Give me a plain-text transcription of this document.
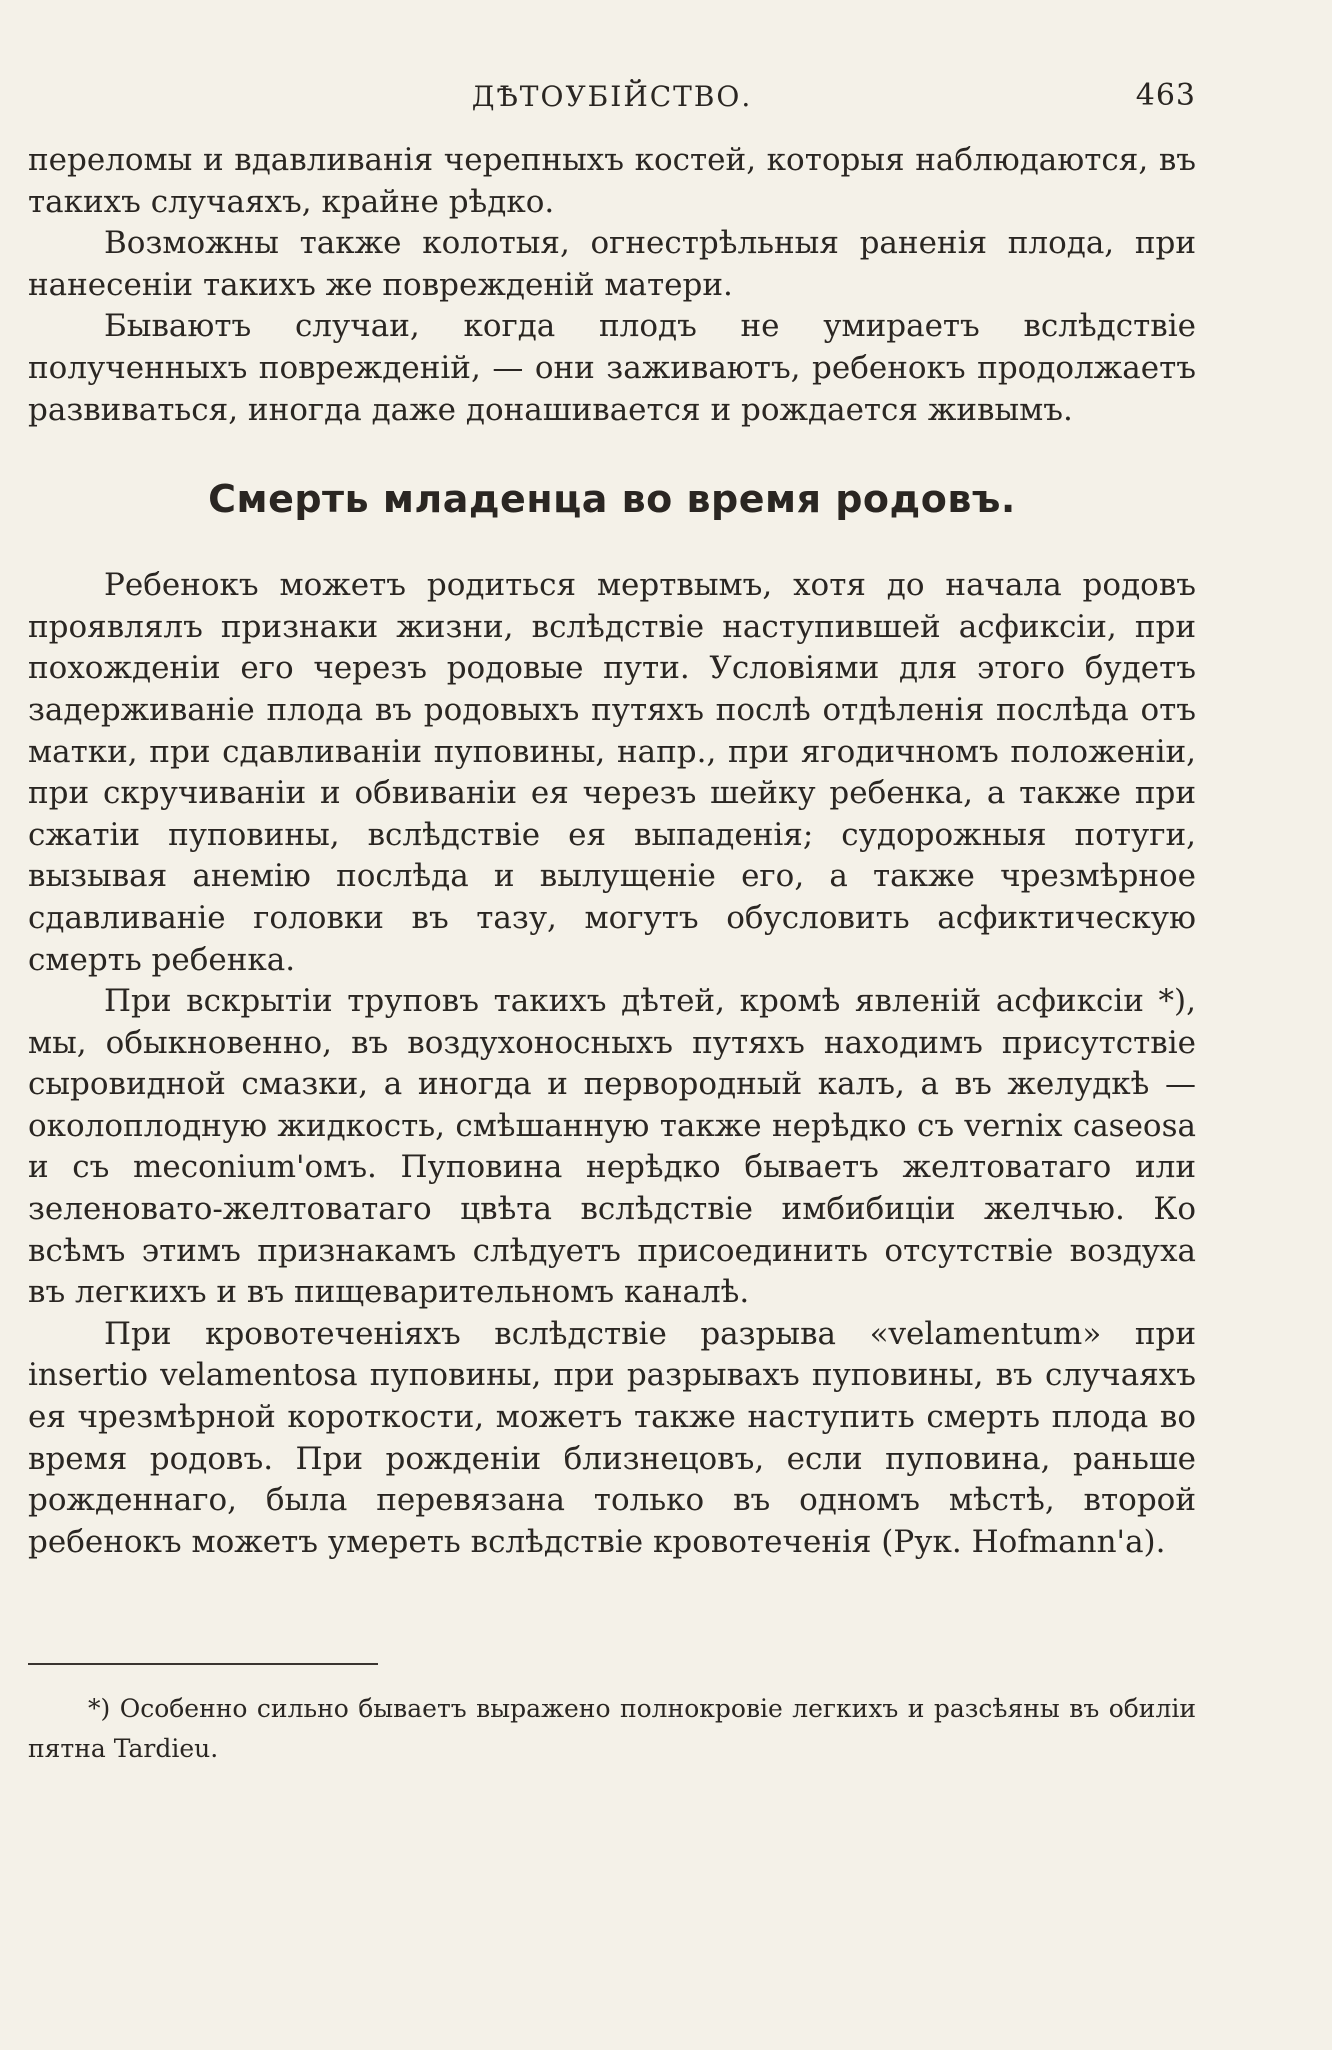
ДѢТОУБІЙСТВО.	463

переломы и вдавливанія черепныхъ костей, которыя наблюдаются, въ такихъ случаяхъ, крайне рѣдко.

Возможны также колотыя, огнестрѣльныя раненія плода, при нанесеніи такихъ же поврежденій матери.

Бываютъ случаи, когда плодъ не умираетъ вслѣдствіе полученныхъ поврежденій, — они заживаютъ, ребенокъ продолжаетъ развиваться, иногда даже донашивается и рождается живымъ.

Смерть младенца во время родовъ.

Ребенокъ можетъ родиться мертвымъ, хотя до начала родовъ проявлялъ признаки жизни, вслѣдствіе наступившей асфиксіи, при похожденіи его черезъ родовые пути. Условіями для этого будетъ задерживаніе плода въ родовыхъ путяхъ послѣ отдѣленія послѣда отъ матки, при сдавливаніи пуповины, напр., при ягодичномъ положеніи, при скручиваніи и обвиваніи ея черезъ шейку ребенка, а также при сжатіи пуповины, вслѣдствіе ея выпаденія; судорожныя потуги, вызывая анемію послѣда и вылущеніе его, а также чрезмѣрное сдавливаніе головки въ тазу, могутъ обусловить асфиктическую смерть ребенка.

При вскрытіи труповъ такихъ дѣтей, кромѣ явленій асфиксіи *), мы, обыкновенно, въ воздухоносныхъ путяхъ находимъ присутствіе сыровидной смазки, а иногда и первородный калъ, а въ желудкѣ — околоплодную жидкость, смѣшанную также нерѣдко съ vernix caseosa и съ meconium'омъ. Пуповина нерѣдко бываетъ желтоватаго или зеленовато-желтоватаго цвѣта вслѣдствіе имбибиціи желчью. Ко всѣмъ этимъ признакамъ слѣдуетъ присоединить отсутствіе воздуха въ легкихъ и въ пищеварительномъ каналѣ.

При кровотеченіяхъ вслѣдствіе разрыва «velamentum» при insertio velamentosa пуповины, при разрывахъ пуповины, въ случаяхъ ея чрезмѣрной короткости, можетъ также наступить смерть плода во время родовъ. При рожденіи близнецовъ, если пуповина, раньше рожденнаго, была перевязана только въ одномъ мѣстѣ, второй ребенокъ можетъ умереть вслѣдствіе кровотеченія (Рук. Hofmann'а).

*) Особенно сильно бываетъ выражено полнокровіе легкихъ и разсѣяны въ обиліи пятна Tardieu.
